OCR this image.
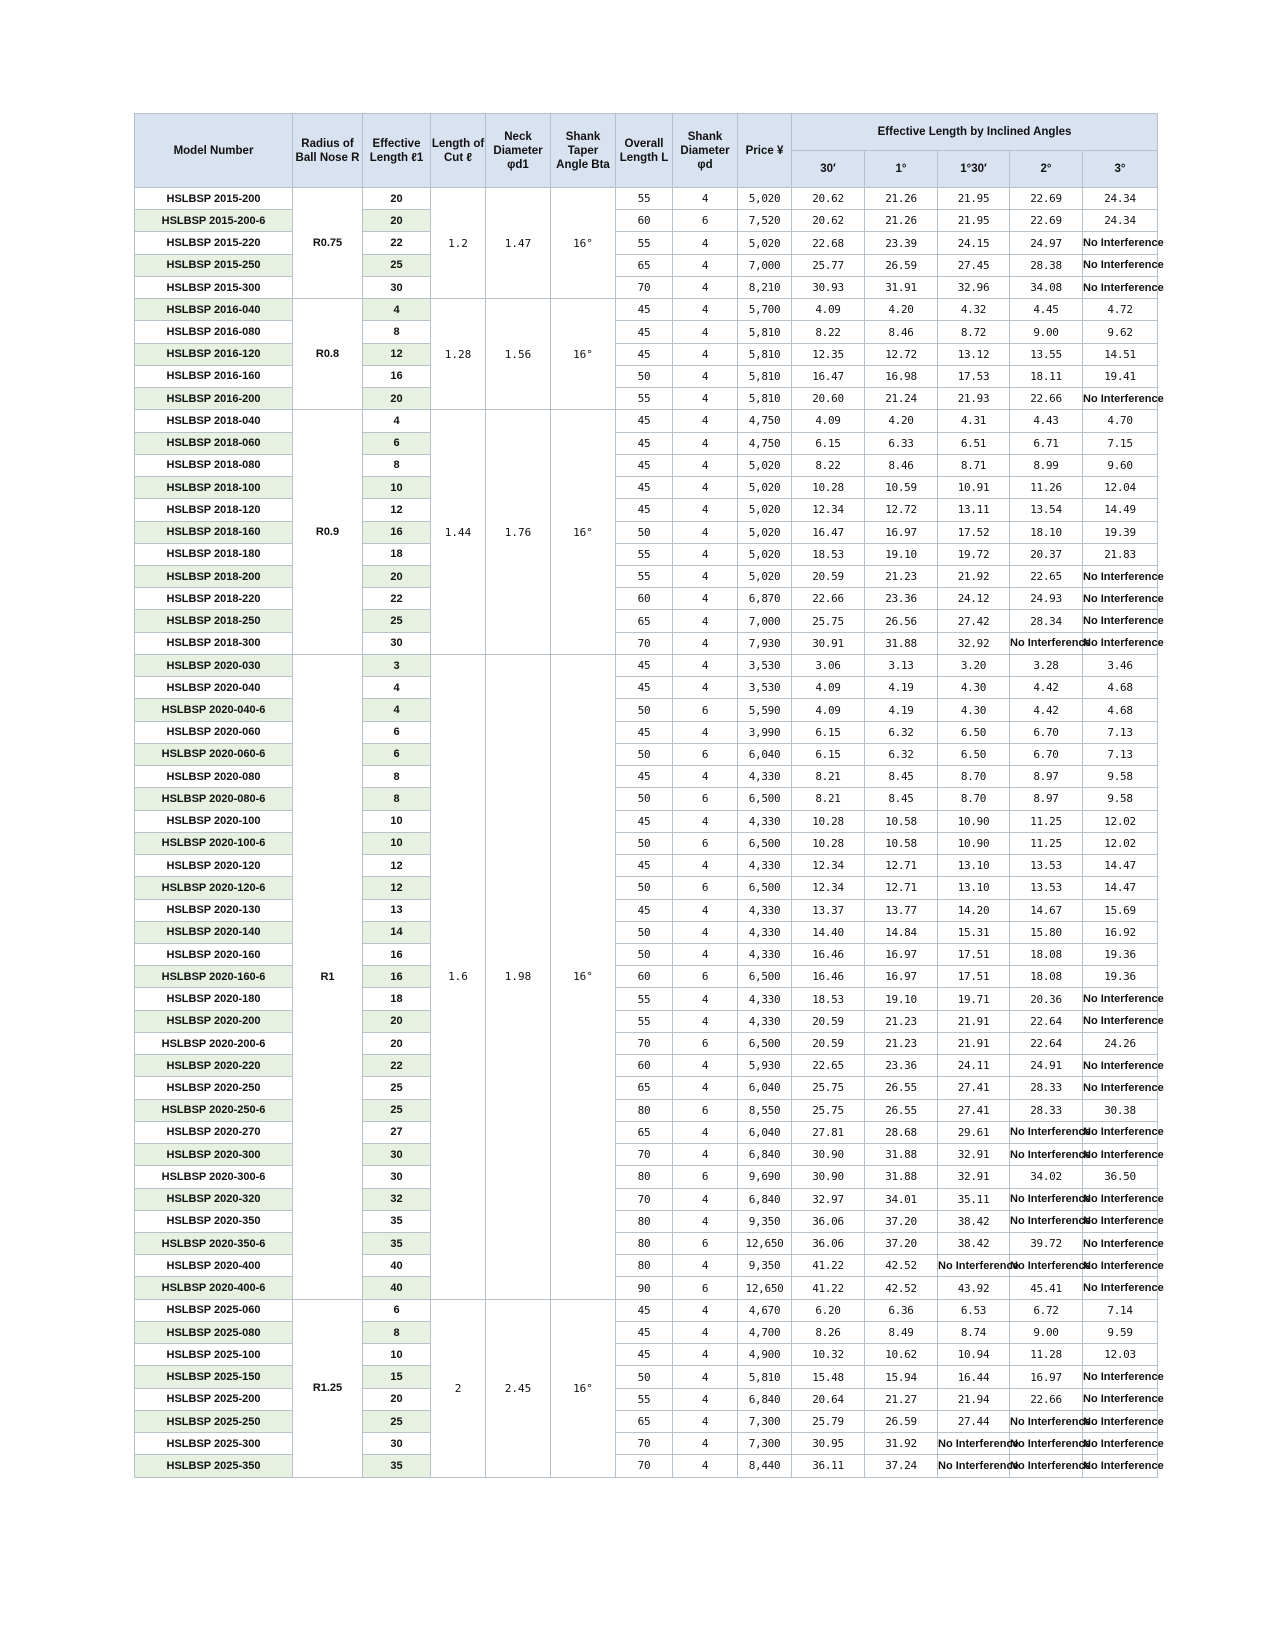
Model Number	Radius of Ball Nose R	Effective Length ℓ1	Length of Cut ℓ	Neck Diameter φd1	Shank Taper Angle Bta	Overall Length L	Shank Diameter φd	Price ¥	Effective Length by Inclined Angles				
									30′	1°	1°30′	2°	3°
HSLBSP 2015-200	R0.75	20	1.2	1.47	16°	55	4	5,020	20.62	21.26	21.95	22.69	24.34
HSLBSP 2015-200-6		20				60	6	7,520	20.62	21.26	21.95	22.69	24.34
HSLBSP 2015-220		22				55	4	5,020	22.68	23.39	24.15	24.97	No Interference
HSLBSP 2015-250		25				65	4	7,000	25.77	26.59	27.45	28.38	No Interference
HSLBSP 2015-300		30				70	4	8,210	30.93	31.91	32.96	34.08	No Interference
HSLBSP 2016-040	R0.8	4	1.28	1.56	16°	45	4	5,700	4.09	4.20	4.32	4.45	4.72
HSLBSP 2016-080		8				45	4	5,810	8.22	8.46	8.72	9.00	9.62
HSLBSP 2016-120		12				45	4	5,810	12.35	12.72	13.12	13.55	14.51
HSLBSP 2016-160		16				50	4	5,810	16.47	16.98	17.53	18.11	19.41
HSLBSP 2016-200		20				55	4	5,810	20.60	21.24	21.93	22.66	No Interference
HSLBSP 2018-040	R0.9	4	1.44	1.76	16°	45	4	4,750	4.09	4.20	4.31	4.43	4.70
HSLBSP 2018-060		6				45	4	4,750	6.15	6.33	6.51	6.71	7.15
HSLBSP 2018-080		8				45	4	5,020	8.22	8.46	8.71	8.99	9.60
HSLBSP 2018-100		10				45	4	5,020	10.28	10.59	10.91	11.26	12.04
HSLBSP 2018-120		12				45	4	5,020	12.34	12.72	13.11	13.54	14.49
HSLBSP 2018-160		16				50	4	5,020	16.47	16.97	17.52	18.10	19.39
HSLBSP 2018-180		18				55	4	5,020	18.53	19.10	19.72	20.37	21.83
HSLBSP 2018-200		20				55	4	5,020	20.59	21.23	21.92	22.65	No Interference
HSLBSP 2018-220		22				60	4	6,870	22.66	23.36	24.12	24.93	No Interference
HSLBSP 2018-250		25				65	4	7,000	25.75	26.56	27.42	28.34	No Interference
HSLBSP 2018-300		30				70	4	7,930	30.91	31.88	32.92	No Interference	No Interference
HSLBSP 2020-030	R1	3	1.6	1.98	16°	45	4	3,530	3.06	3.13	3.20	3.28	3.46
HSLBSP 2020-040		4				45	4	3,530	4.09	4.19	4.30	4.42	4.68
HSLBSP 2020-040-6		4				50	6	5,590	4.09	4.19	4.30	4.42	4.68
HSLBSP 2020-060		6				45	4	3,990	6.15	6.32	6.50	6.70	7.13
HSLBSP 2020-060-6		6				50	6	6,040	6.15	6.32	6.50	6.70	7.13
HSLBSP 2020-080		8				45	4	4,330	8.21	8.45	8.70	8.97	9.58
HSLBSP 2020-080-6		8				50	6	6,500	8.21	8.45	8.70	8.97	9.58
HSLBSP 2020-100		10				45	4	4,330	10.28	10.58	10.90	11.25	12.02
HSLBSP 2020-100-6		10				50	6	6,500	10.28	10.58	10.90	11.25	12.02
HSLBSP 2020-120		12				45	4	4,330	12.34	12.71	13.10	13.53	14.47
HSLBSP 2020-120-6		12				50	6	6,500	12.34	12.71	13.10	13.53	14.47
HSLBSP 2020-130		13				45	4	4,330	13.37	13.77	14.20	14.67	15.69
HSLBSP 2020-140		14				50	4	4,330	14.40	14.84	15.31	15.80	16.92
HSLBSP 2020-160		16				50	4	4,330	16.46	16.97	17.51	18.08	19.36
HSLBSP 2020-160-6		16				60	6	6,500	16.46	16.97	17.51	18.08	19.36
HSLBSP 2020-180		18				55	4	4,330	18.53	19.10	19.71	20.36	No Interference
HSLBSP 2020-200		20				55	4	4,330	20.59	21.23	21.91	22.64	No Interference
HSLBSP 2020-200-6		20				70	6	6,500	20.59	21.23	21.91	22.64	24.26
HSLBSP 2020-220		22				60	4	5,930	22.65	23.36	24.11	24.91	No Interference
HSLBSP 2020-250		25				65	4	6,040	25.75	26.55	27.41	28.33	No Interference
HSLBSP 2020-250-6		25				80	6	8,550	25.75	26.55	27.41	28.33	30.38
HSLBSP 2020-270		27				65	4	6,040	27.81	28.68	29.61	No Interference	No Interference
HSLBSP 2020-300		30				70	4	6,840	30.90	31.88	32.91	No Interference	No Interference
HSLBSP 2020-300-6		30				80	6	9,690	30.90	31.88	32.91	34.02	36.50
HSLBSP 2020-320		32				70	4	6,840	32.97	34.01	35.11	No Interference	No Interference
HSLBSP 2020-350		35				80	4	9,350	36.06	37.20	38.42	No Interference	No Interference
HSLBSP 2020-350-6		35				80	6	12,650	36.06	37.20	38.42	39.72	No Interference
HSLBSP 2020-400		40				80	4	9,350	41.22	42.52	No Interference	No Interference	No Interference
HSLBSP 2020-400-6		40				90	6	12,650	41.22	42.52	43.92	45.41	No Interference
HSLBSP 2025-060	R1.25	6	2	2.45	16°	45	4	4,670	6.20	6.36	6.53	6.72	7.14
HSLBSP 2025-080		8				45	4	4,700	8.26	8.49	8.74	9.00	9.59
HSLBSP 2025-100		10				45	4	4,900	10.32	10.62	10.94	11.28	12.03
HSLBSP 2025-150		15				50	4	5,810	15.48	15.94	16.44	16.97	No Interference
HSLBSP 2025-200		20				55	4	6,840	20.64	21.27	21.94	22.66	No Interference
HSLBSP 2025-250		25				65	4	7,300	25.79	26.59	27.44	No Interference	No Interference
HSLBSP 2025-300		30				70	4	7,300	30.95	31.92	No Interference	No Interference	No Interference
HSLBSP 2025-350		35				70	4	8,440	36.11	37.24	No Interference	No Interference	No Interference
